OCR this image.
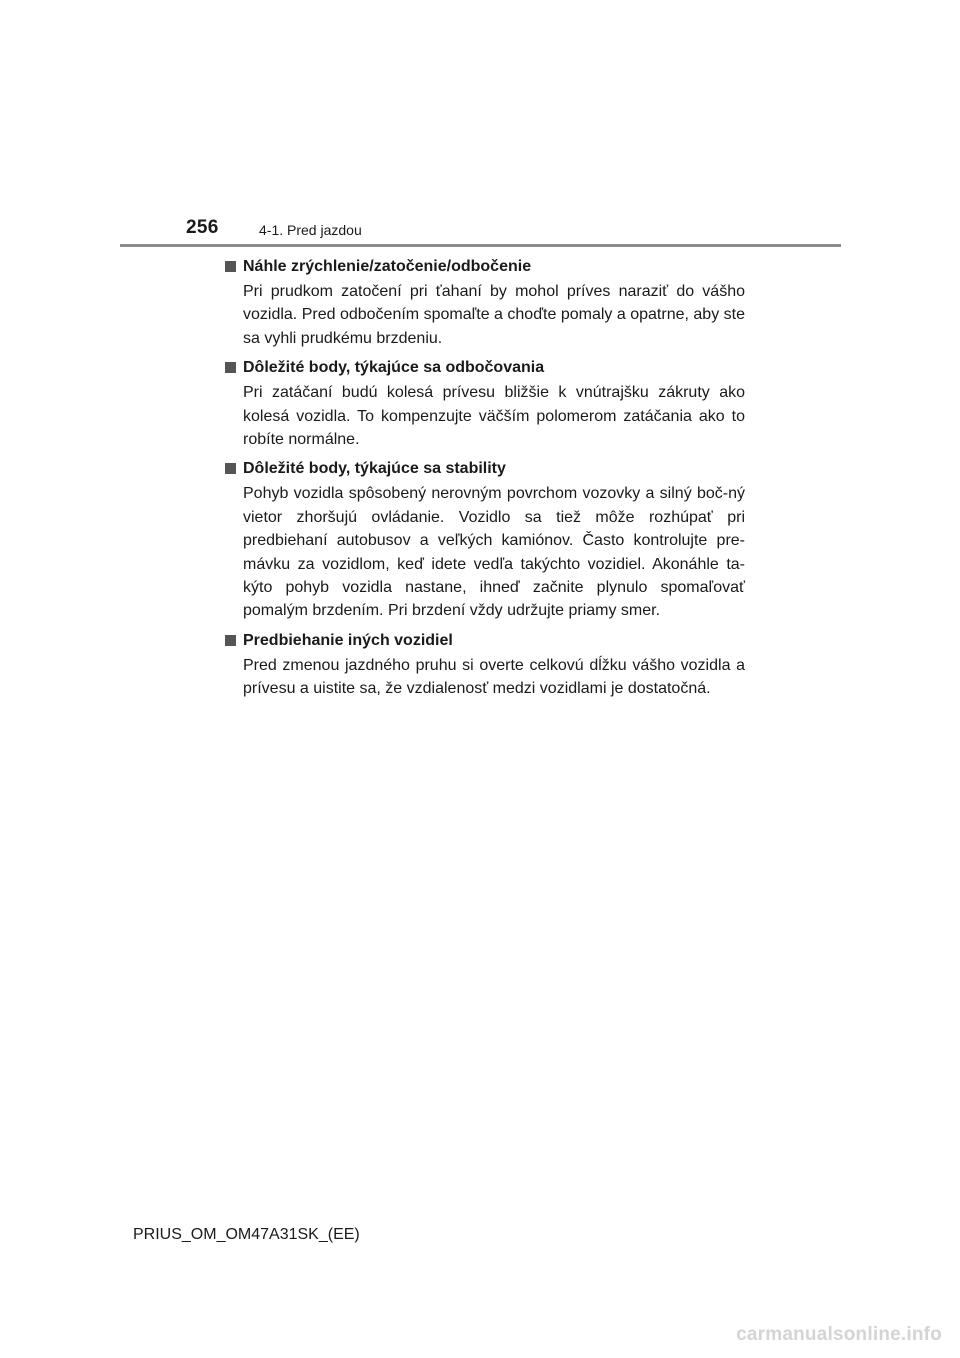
256	4-1. Pred jazdou
Náhle zrýchlenie/zatočenie/odbočenie

Pri prudkom zatočení pri ťahaní by mohol príves naraziť do vášho vozidla. Pred odbočením spomaľte a choďte pomaly a opatrne, aby ste sa vyhli prudkému brzdeniu.

Dôležité body, týkajúce sa odbočovania

Pri zatáčaní budú kolesá prívesu bližšie k vnútrajšku zákruty ako kolesá vozidla. To kompenzujte väčším polomerom zatáčania ako to robíte normálne.

Dôležité body, týkajúce sa stability

Pohyb vozidla spôsobený nerovným povrchom vozovky a silný boč-ný vietor zhoršujú ovládanie. Vozidlo sa tiež môže rozhúpať pri predbiehaní autobusov a veľkých kamiónov. Často kontrolujte pre-mávku za vozidlom, keď idete vedľa takýchto vozidiel. Akonáhle ta-kýto pohyb vozidla nastane, ihneď začnite plynulo spomaľovať pomalým brzdením. Pri brzdení vždy udržujte priamy smer.

Predbiehanie iných vozidiel

Pred zmenou jazdného pruhu si overte celkovú dĺžku vášho vozidla a prívesu a uistite sa, že vzdialenosť medzi vozidlami je dostatočná.

PRIUS_OM_OM47A31SK_(EE)
carmanualsonline.info
